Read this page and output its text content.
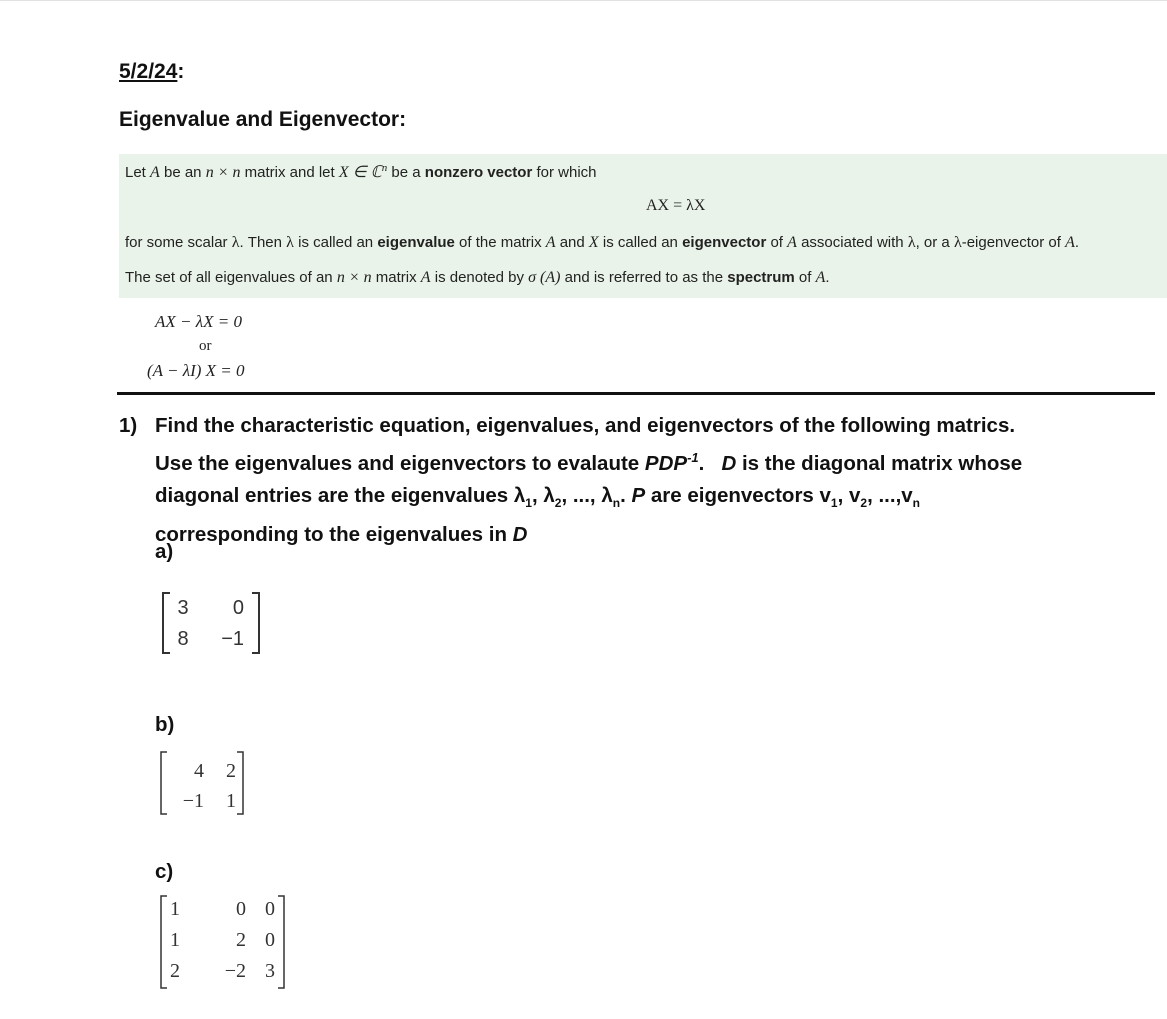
5/2/24:
Eigenvalue and Eigenvector:
Let A be an n × n matrix and let X ∈ ℂ$^n$ be a nonzero vector for which
AX = λX
for some scalar λ. Then λ is called an eigenvalue of the matrix A and X is called an eigenvector of A associated with λ, or a λ-eigenvector of A.
The set of all eigenvalues of an n × n matrix A is denoted by σ (A) and is referred to as the spectrum of A.
AX − λX = 0
or
(A − λI) X = 0
1) Find the characteristic equation, eigenvalues, and eigenvectors of the following matrics.
Use the eigenvalues and eigenvectors to evalaute $PDP^{-1}$.   D is the diagonal matrix whose
diagonal entries are the eigenvalues $\lambda_1$, $\lambda_2$, ..., $\lambda_n$. P are eigenvectors $v_1$, $v_2$, $...,v_n$
corresponding to the eigenvalues in D
a)
3 0
8 −1
b)
4 2
−1 1
c)
1	0 0
1	2 0
2 −2 3
